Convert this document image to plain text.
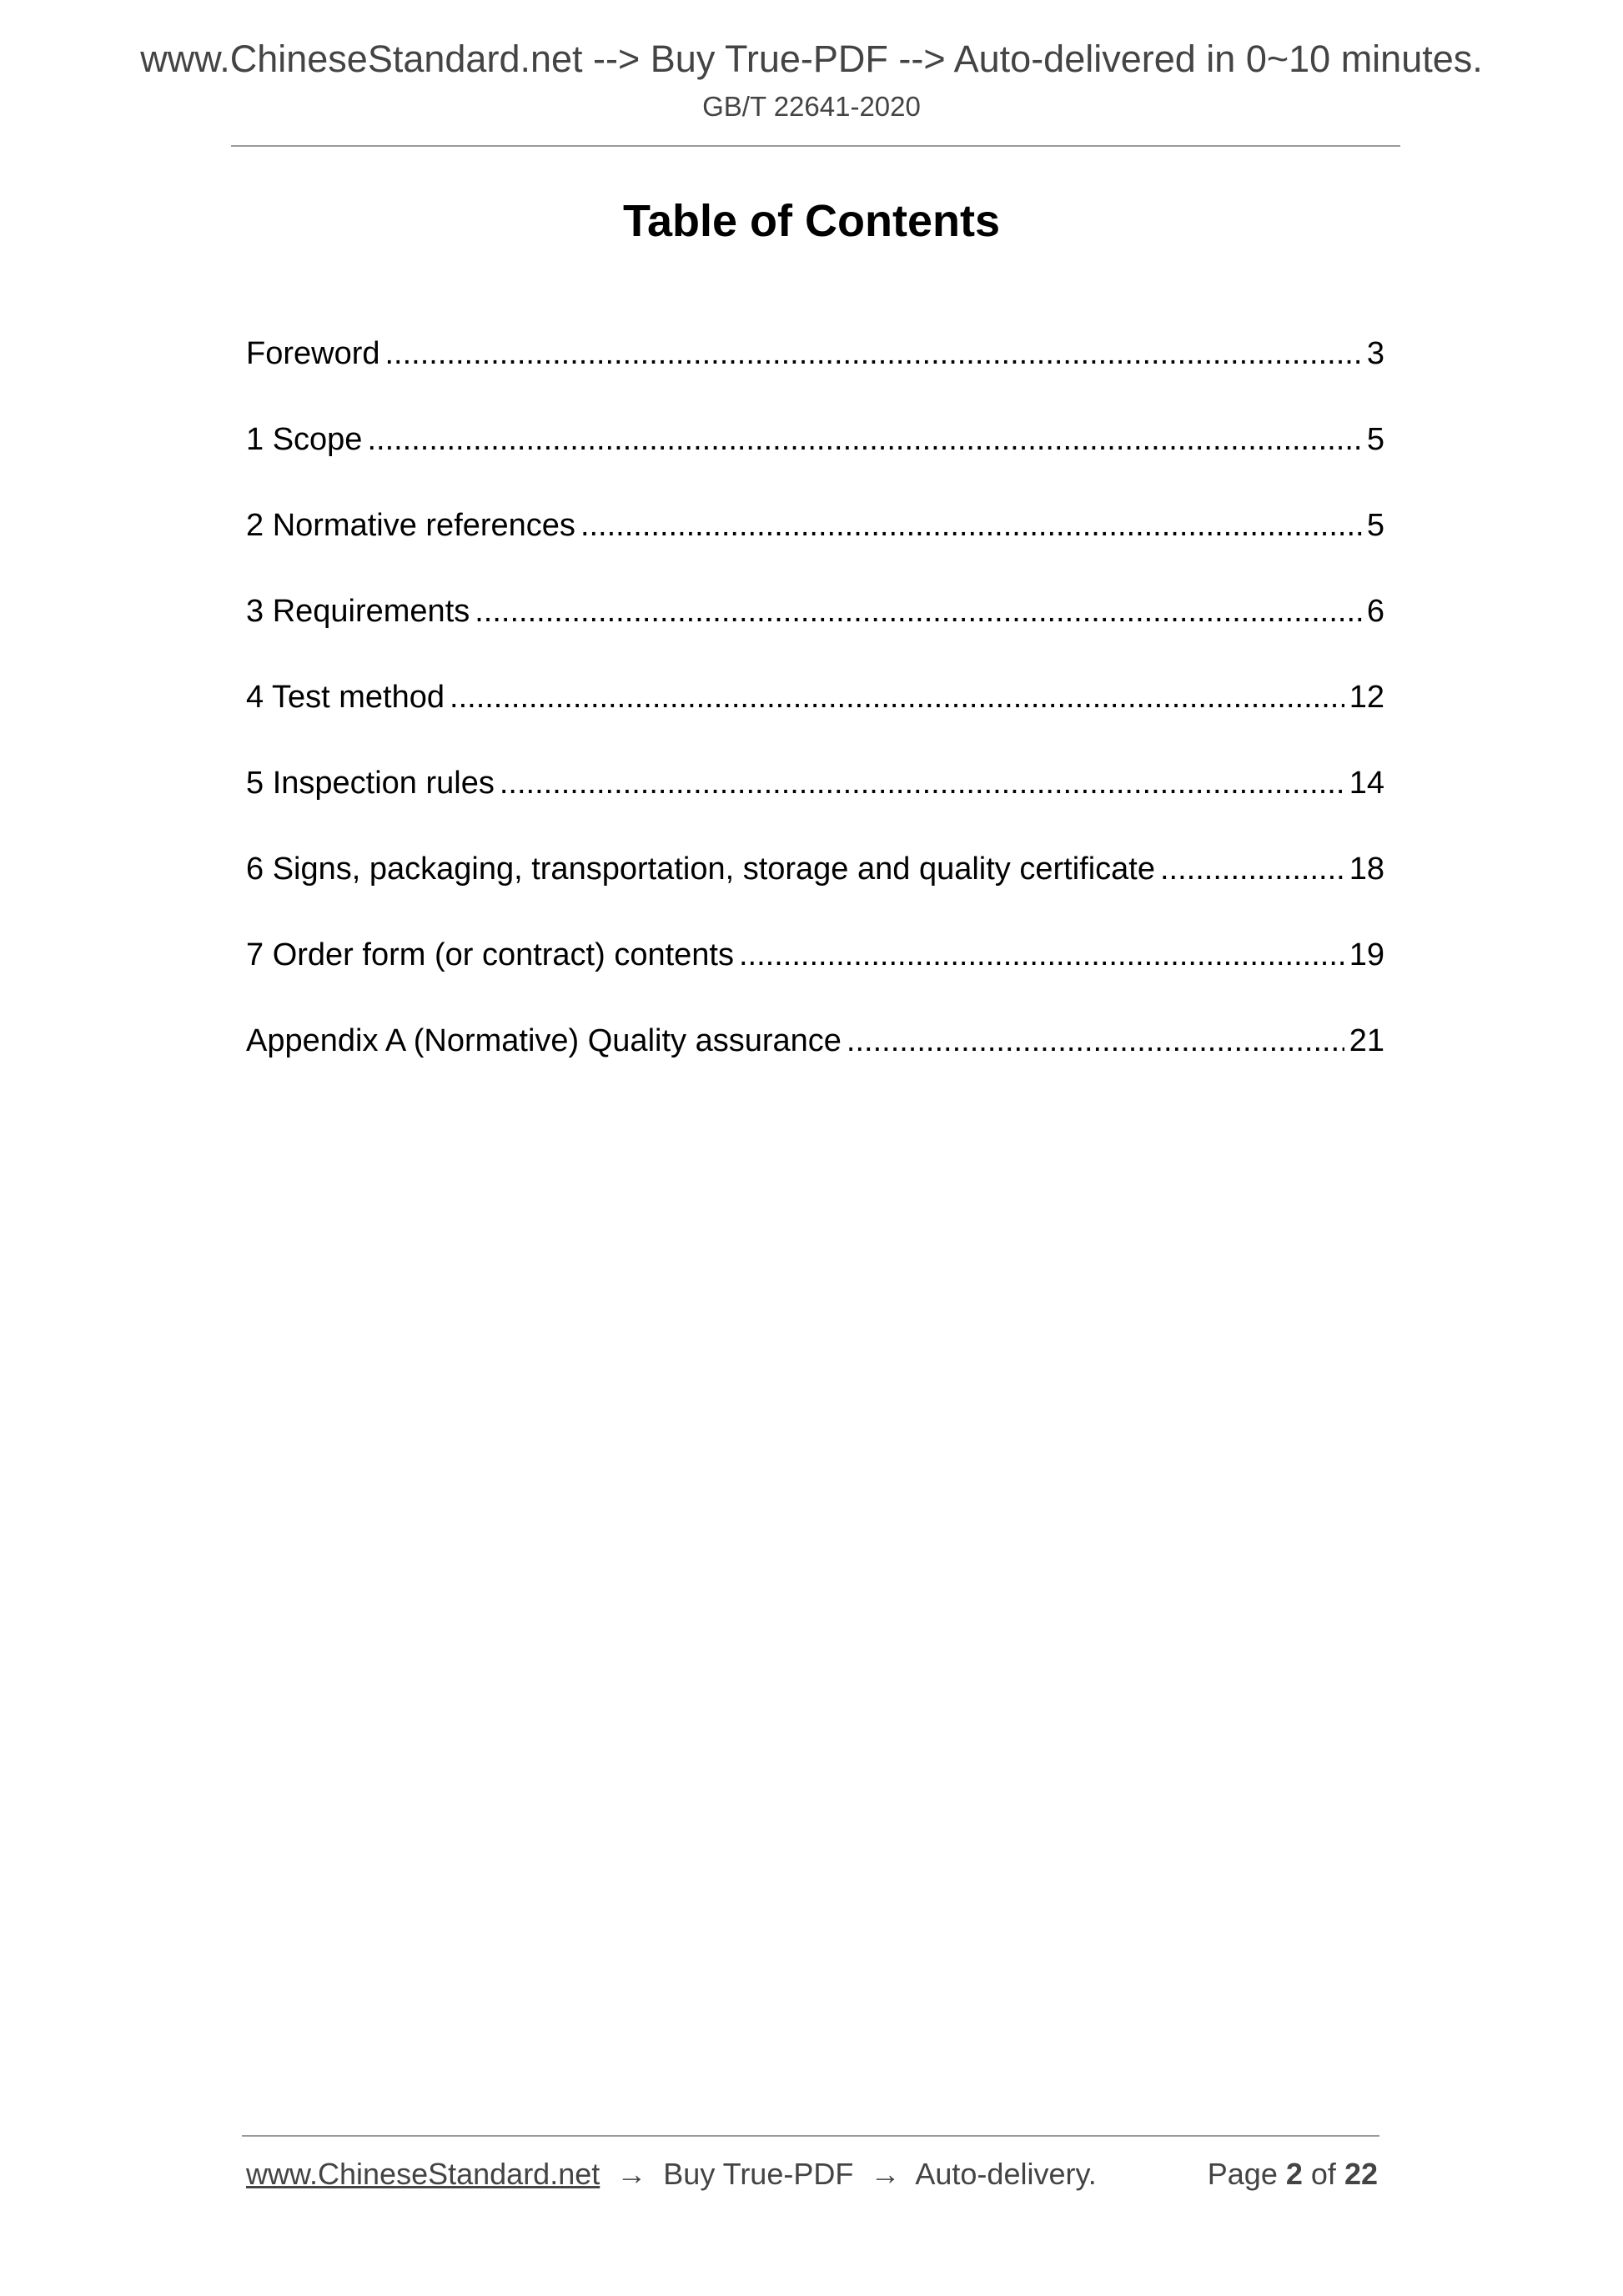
www.ChineseStandard.net --> Buy True-PDF --> Auto-delivered in 0~10 minutes.
GB/T 22641-2020
Table of Contents
Foreword .....	3
1 Scope .....	5
2 Normative references .....	5
3 Requirements .....	6
4 Test method .....	12
5 Inspection rules .....	14
6 Signs, packaging, transportation, storage and quality certificate .....	18
7 Order form (or contract) contents .....	19
Appendix A (Normative) Quality assurance .....	21
www.ChineseStandard.net → Buy True-PDF → Auto-delivery.	Page 2 of 22
